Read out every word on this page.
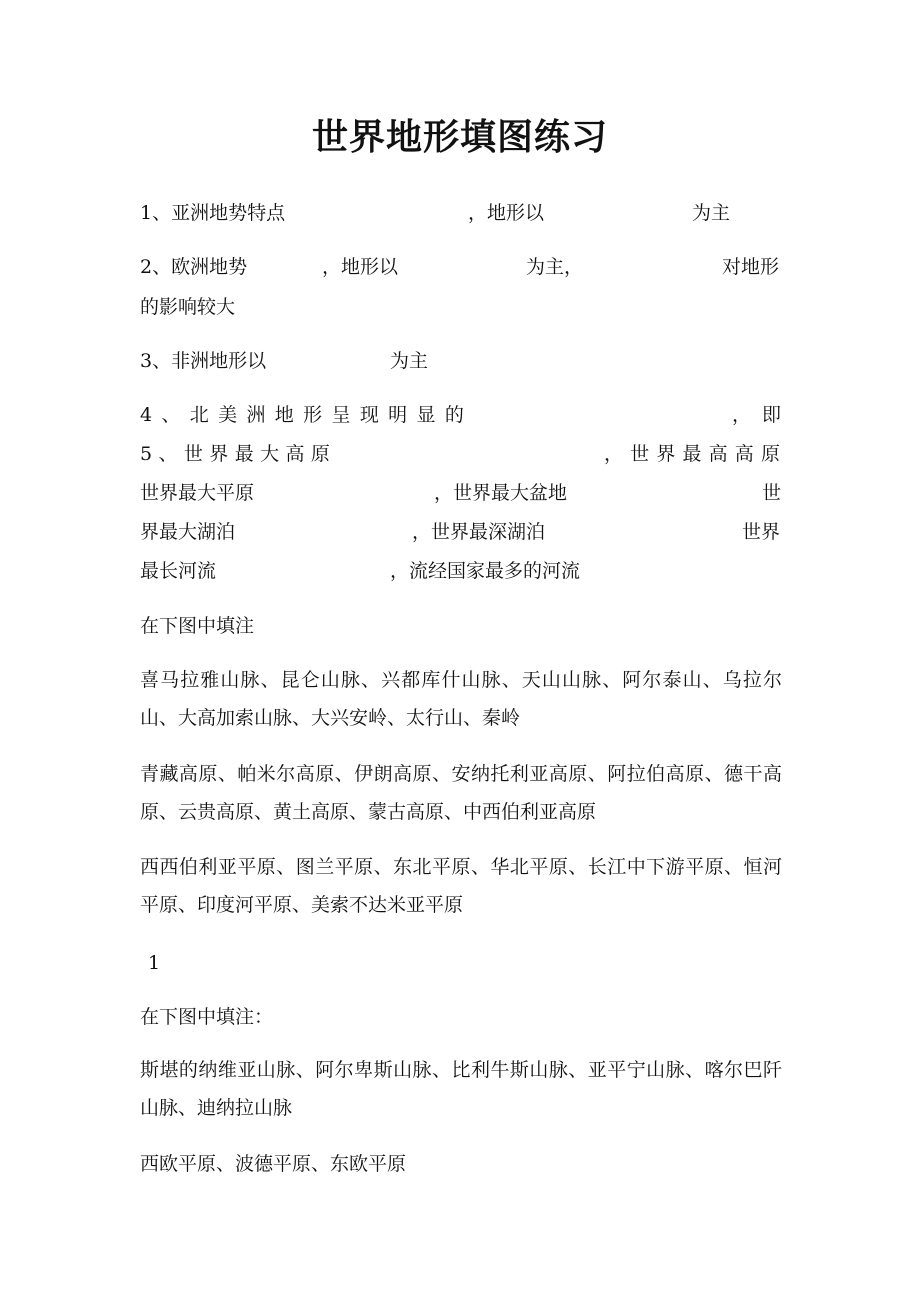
世界地形填图练习
1、亚洲地势特点	，地形以	为主
2、欧洲地势	，地形以	为主，	对地形
的影响较大
3、非洲地形以	为主
4 、 北 美 洲 地 形 呈 现 明 显 的	， 即
5 、 世 界 最 大 高 原	， 世 界 最 高 高 原
世界最大平原	，世界最大盆地	世
界最大湖泊	，世界最深湖泊	世界
最长河流	，流经国家最多的河流
在下图中填注
喜马拉雅山脉、昆仑山脉、兴都库什山脉、天山山脉、阿尔泰山、乌拉尔山、大高加索山脉、大兴安岭、太行山、秦岭
青藏高原、帕米尔高原、伊朗高原、安纳托利亚高原、阿拉伯高原、德干高原、云贵高原、黄土高原、蒙古高原、中西伯利亚高原
西西伯利亚平原、图兰平原、东北平原、华北平原、长江中下游平原、恒河平原、印度河平原、美索不达米亚平原
1
在下图中填注：
斯堪的纳维亚山脉、阿尔卑斯山脉、比利牛斯山脉、亚平宁山脉、喀尔巴阡山脉、迪纳拉山脉
西欧平原、波德平原、东欧平原
